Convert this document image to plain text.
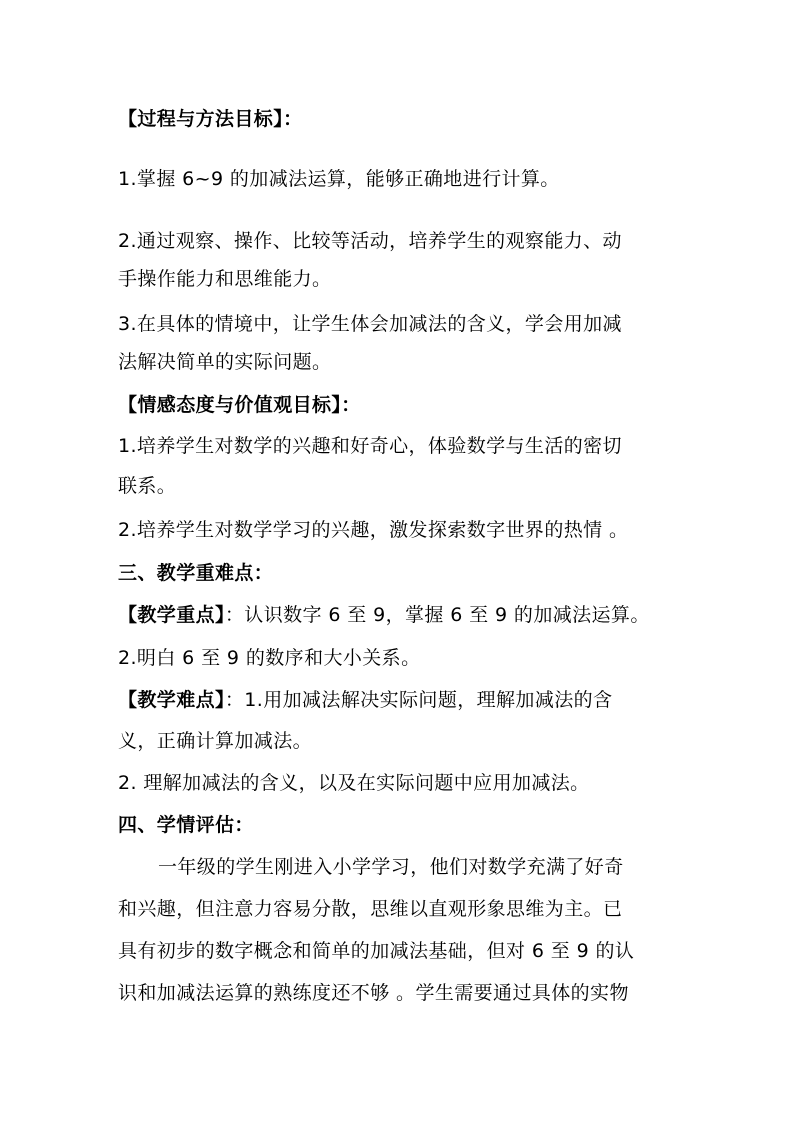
【过程与方法目标】：
1.掌握 6~9 的加减法运算，能够正确地进行计算。
2.通过观察、操作、比较等活动，培养学生的观察能力、动
手操作能力和思维能力。
3.在具体的情境中，让学生体会加减法的含义，学会用加减
法解决简单的实际问题。
【情感态度与价值观目标】：
1.培养学生对数学的兴趣和好奇心，体验数学与生活的密切
联系。
2.培养学生对数学学习的兴趣，激发探索数字世界的热情 。
三、教学重难点：
【教学重点】：认识数字 6 至 9，掌握 6 至 9 的加减法运算。
2.明白 6 至 9 的数序和大小关系。
【教学难点】：1.用加减法解决实际问题，理解加减法的含
义，正确计算加减法。
2. 理解加减法的含义，以及在实际问题中应用加减法。
四、学情评估：
一年级的学生刚进入小学学习，他们对数学充满了好奇
和兴趣，但注意力容易分散，思维以直观形象思维为主。已
具有初步的数字概念和简单的加减法基础，但对 6 至 9 的认
识和加减法运算的熟练度还不够 。学生需要通过具体的实物
